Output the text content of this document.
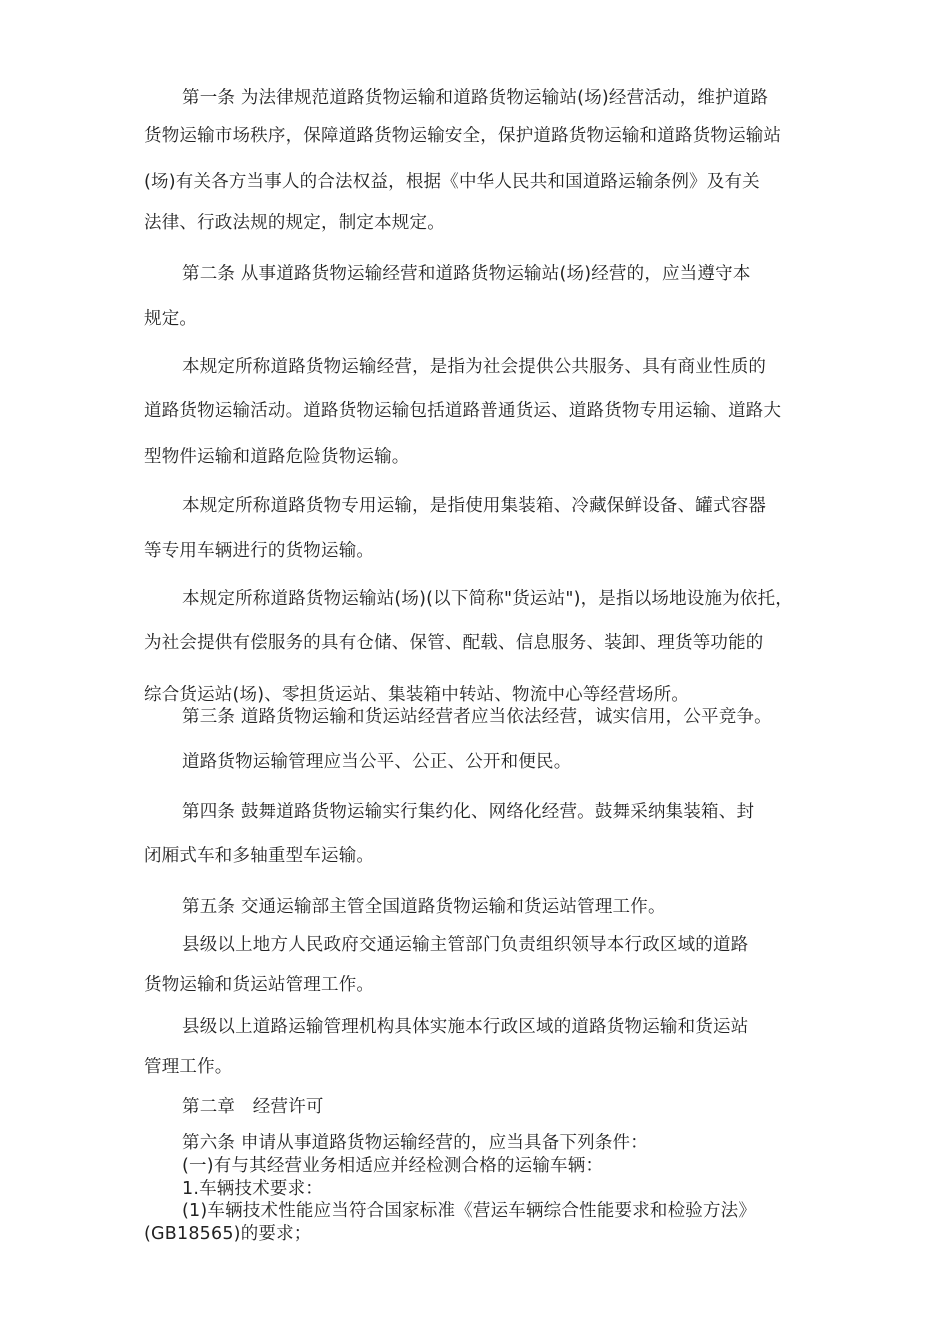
第一条 为法律规范道路货物运输和道路货物运输站(场)经营活动，维护道路
货物运输市场秩序，保障道路货物运输安全，保护道路货物运输和道路货物运输站
(场)有关各方当事人的合法权益，根据《中华人民共和国道路运输条例》及有关
法律、行政法规的规定，制定本规定。
第二条 从事道路货物运输经营和道路货物运输站(场)经营的，应当遵守本
规定。
本规定所称道路货物运输经营，是指为社会提供公共服务、具有商业性质的
道路货物运输活动。道路货物运输包括道路普通货运、道路货物专用运输、道路大
型物件运输和道路危险货物运输。
本规定所称道路货物专用运输，是指使用集装箱、冷藏保鲜设备、罐式容器
等专用车辆进行的货物运输。
本规定所称道路货物运输站(场)(以下简称"货运站")，是指以场地设施为依托，
为社会提供有偿服务的具有仓储、保管、配载、信息服务、装卸、理货等功能的
综合货运站(场)、零担货运站、集装箱中转站、物流中心等经营场所。
第三条 道路货物运输和货运站经营者应当依法经营，诚实信用，公平竞争。
道路货物运输管理应当公平、公正、公开和便民。
第四条 鼓舞道路货物运输实行集约化、网络化经营。鼓舞采纳集装箱、封
闭厢式车和多轴重型车运输。
第五条 交通运输部主管全国道路货物运输和货运站管理工作。
县级以上地方人民政府交通运输主管部门负责组织领导本行政区域的道路
货物运输和货运站管理工作。
县级以上道路运输管理机构具体实施本行政区域的道路货物运输和货运站
管理工作。
第二章　经营许可
第六条 申请从事道路货物运输经营的，应当具备下列条件：
(一)有与其经营业务相适应并经检测合格的运输车辆：
1.车辆技术要求：
(1)车辆技术性能应当符合国家标准《营运车辆综合性能要求和检验方法》
(GB18565)的要求；
